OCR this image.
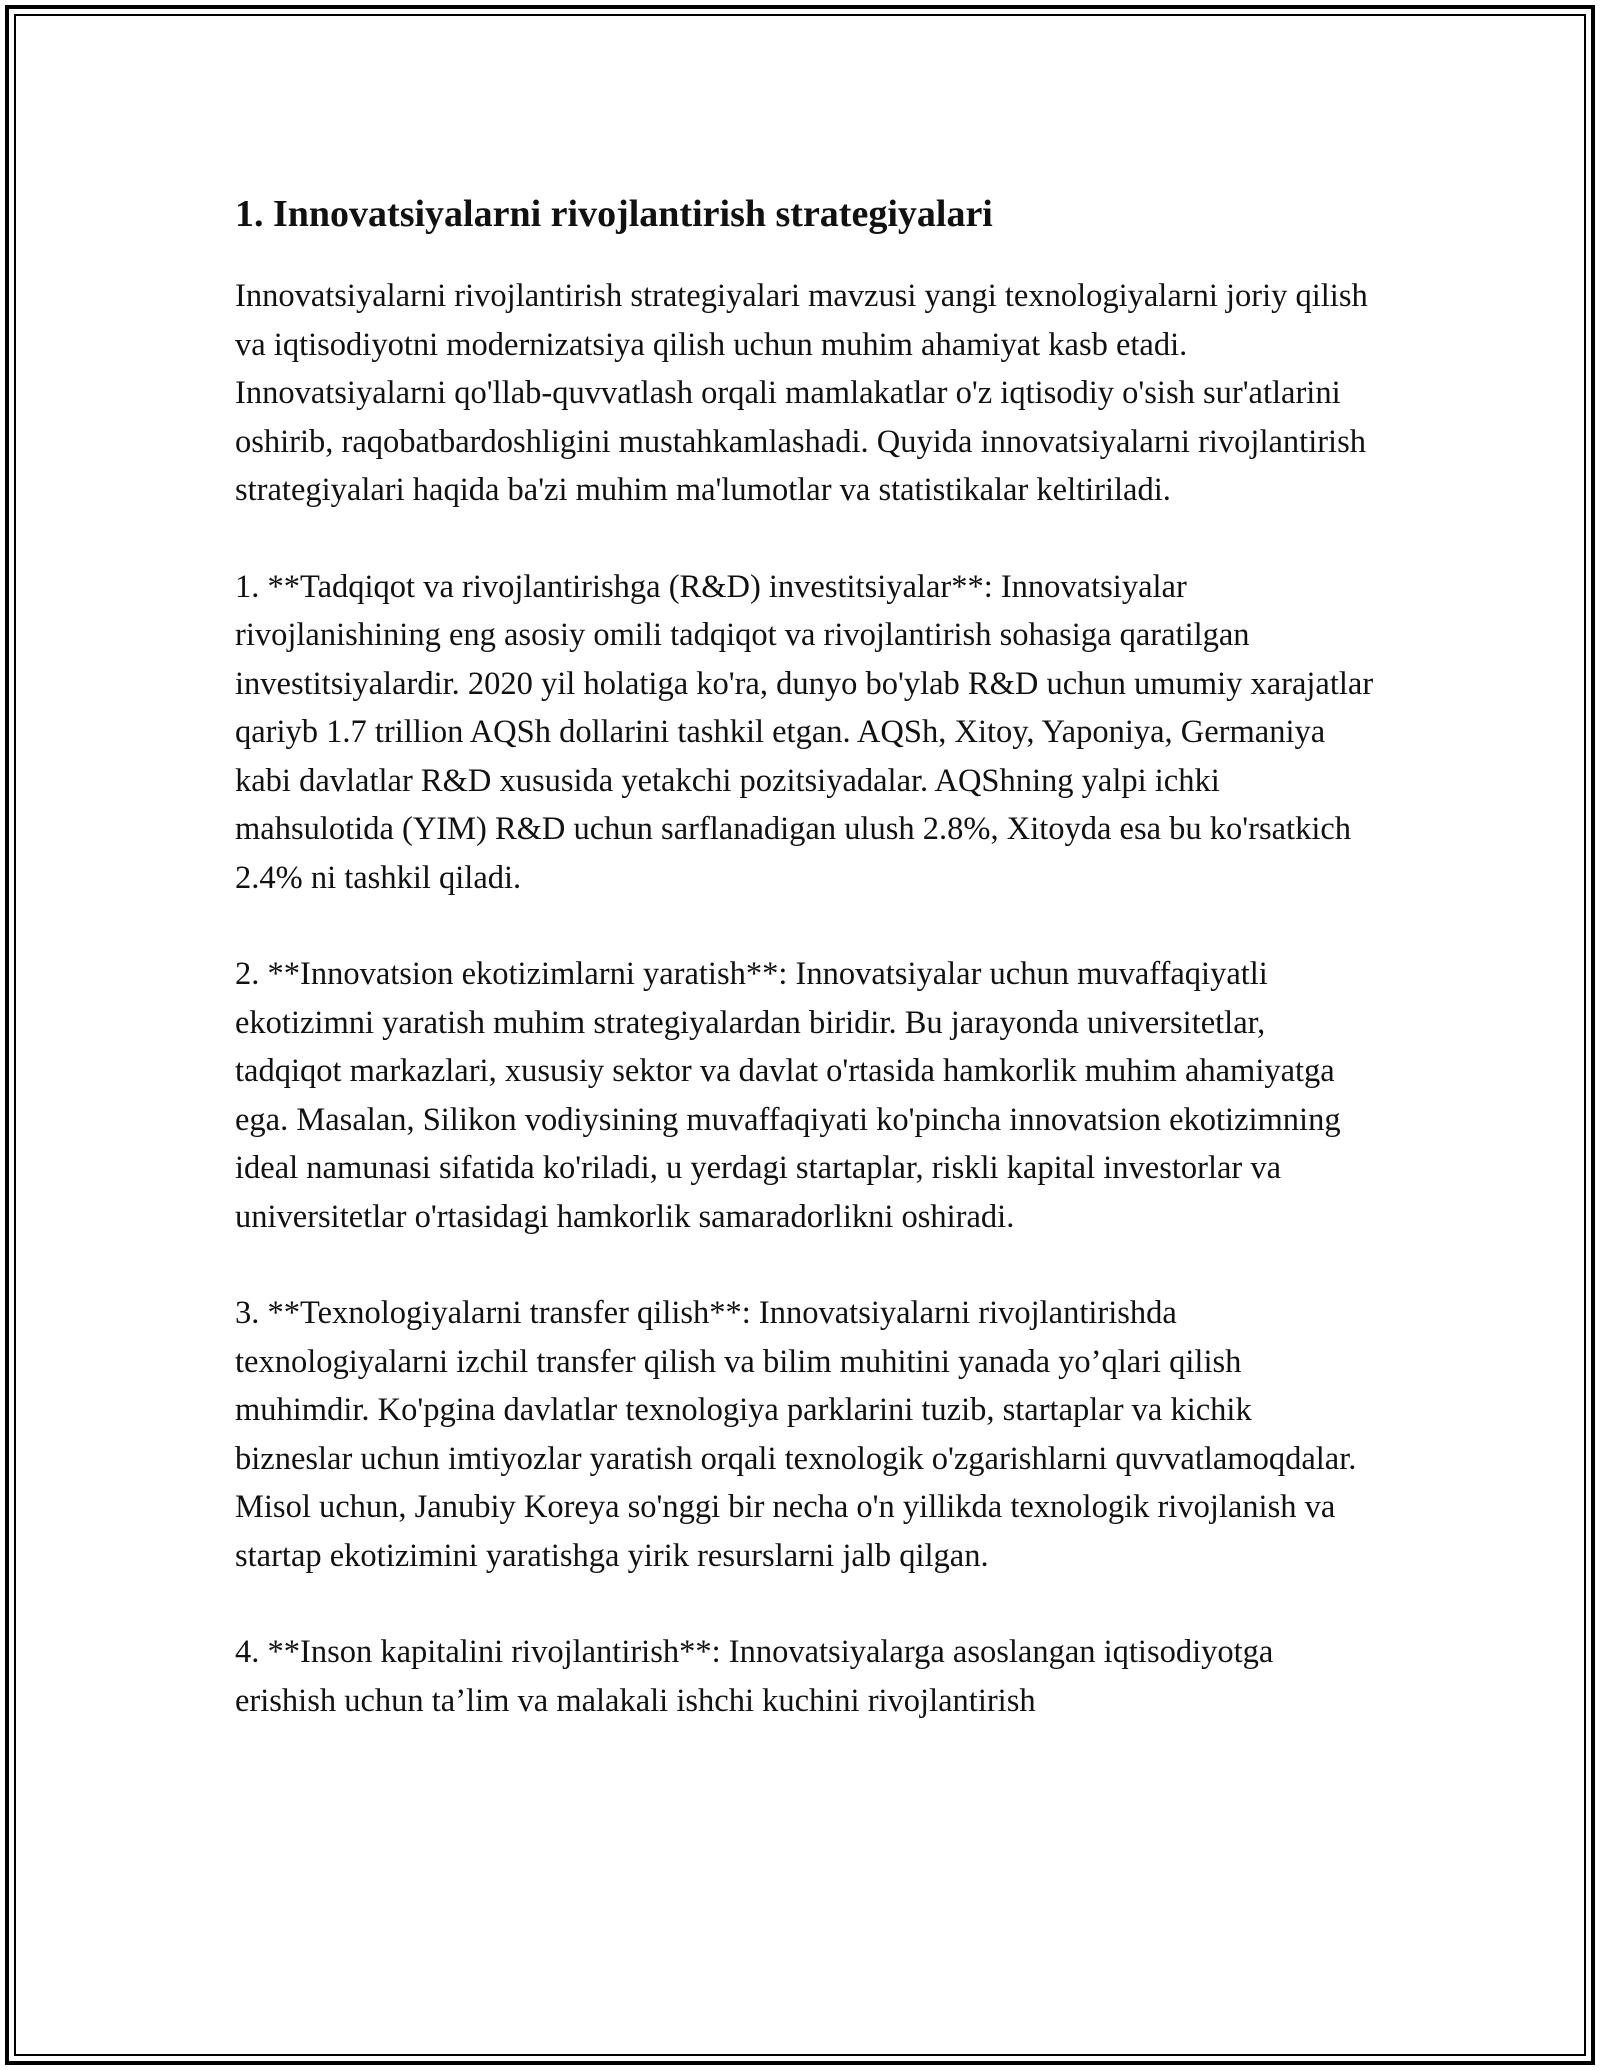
1. Innovatsiyalarni rivojlantirish strategiyalari

Innovatsiyalarni rivojlantirish strategiyalari mavzusi yangi texnologiyalarni joriy qilish va iqtisodiyotni modernizatsiya qilish uchun muhim ahamiyat kasb etadi. Innovatsiyalarni qo'llab-quvvatlash orqali mamlakatlar o'z iqtisodiy o'sish sur'atlarini oshirib, raqobatbardoshligini mustahkamlashadi. Quyida innovatsiyalarni rivojlantirish strategiyalari haqida ba'zi muhim ma'lumotlar va statistikalar keltiriladi.

1. **Tadqiqot va rivojlantirishga (R&D) investitsiyalar**: Innovatsiyalar rivojlanishining eng asosiy omili tadqiqot va rivojlantirish sohasiga qaratilgan investitsiyalardir. 2020 yil holatiga ko'ra, dunyo bo'ylab R&D uchun umumiy xarajatlar qariyb 1.7 trillion AQSh dollarini tashkil etgan. AQSh, Xitoy, Yaponiya, Germaniya kabi davlatlar R&D xususida yetakchi pozitsiyadalar. AQShning yalpi ichki mahsulotida (YIM) R&D uchun sarflanadigan ulush 2.8%, Xitoyda esa bu ko'rsatkich 2.4% ni tashkil qiladi.

2. **Innovatsion ekotizimlarni yaratish**: Innovatsiyalar uchun muvaffaqiyatli ekotizimni yaratish muhim strategiyalardan biridir. Bu jarayonda universitetlar, tadqiqot markazlari, xususiy sektor va davlat o'rtasida hamkorlik muhim ahamiyatga ega. Masalan, Silikon vodiysining muvaffaqiyati ko'pincha innovatsion ekotizimning ideal namunasi sifatida ko'riladi, u yerdagi startaplar, riskli kapital investorlar va universitetlar o'rtasidagi hamkorlik samaradorlikni oshiradi.

3. **Texnologiyalarni transfer qilish**: Innovatsiyalarni rivojlantirishda texnologiyalarni izchil transfer qilish va bilim muhitini yanada yo’qlari qilish muhimdir. Ko'pgina davlatlar texnologiya parklarini tuzib, startaplar va kichik bizneslar uchun imtiyozlar yaratish orqali texnologik o'zgarishlarni quvvatlamoqdalar. Misol uchun, Janubiy Koreya so'nggi bir necha o'n yillikda texnologik rivojlanish va startap ekotizimini yaratishga yirik resurslarni jalb qilgan.

4. **Inson kapitalini rivojlantirish**: Innovatsiyalarga asoslangan iqtisodiyotga erishish uchun ta’lim va malakali ishchi kuchini rivojlantirish
